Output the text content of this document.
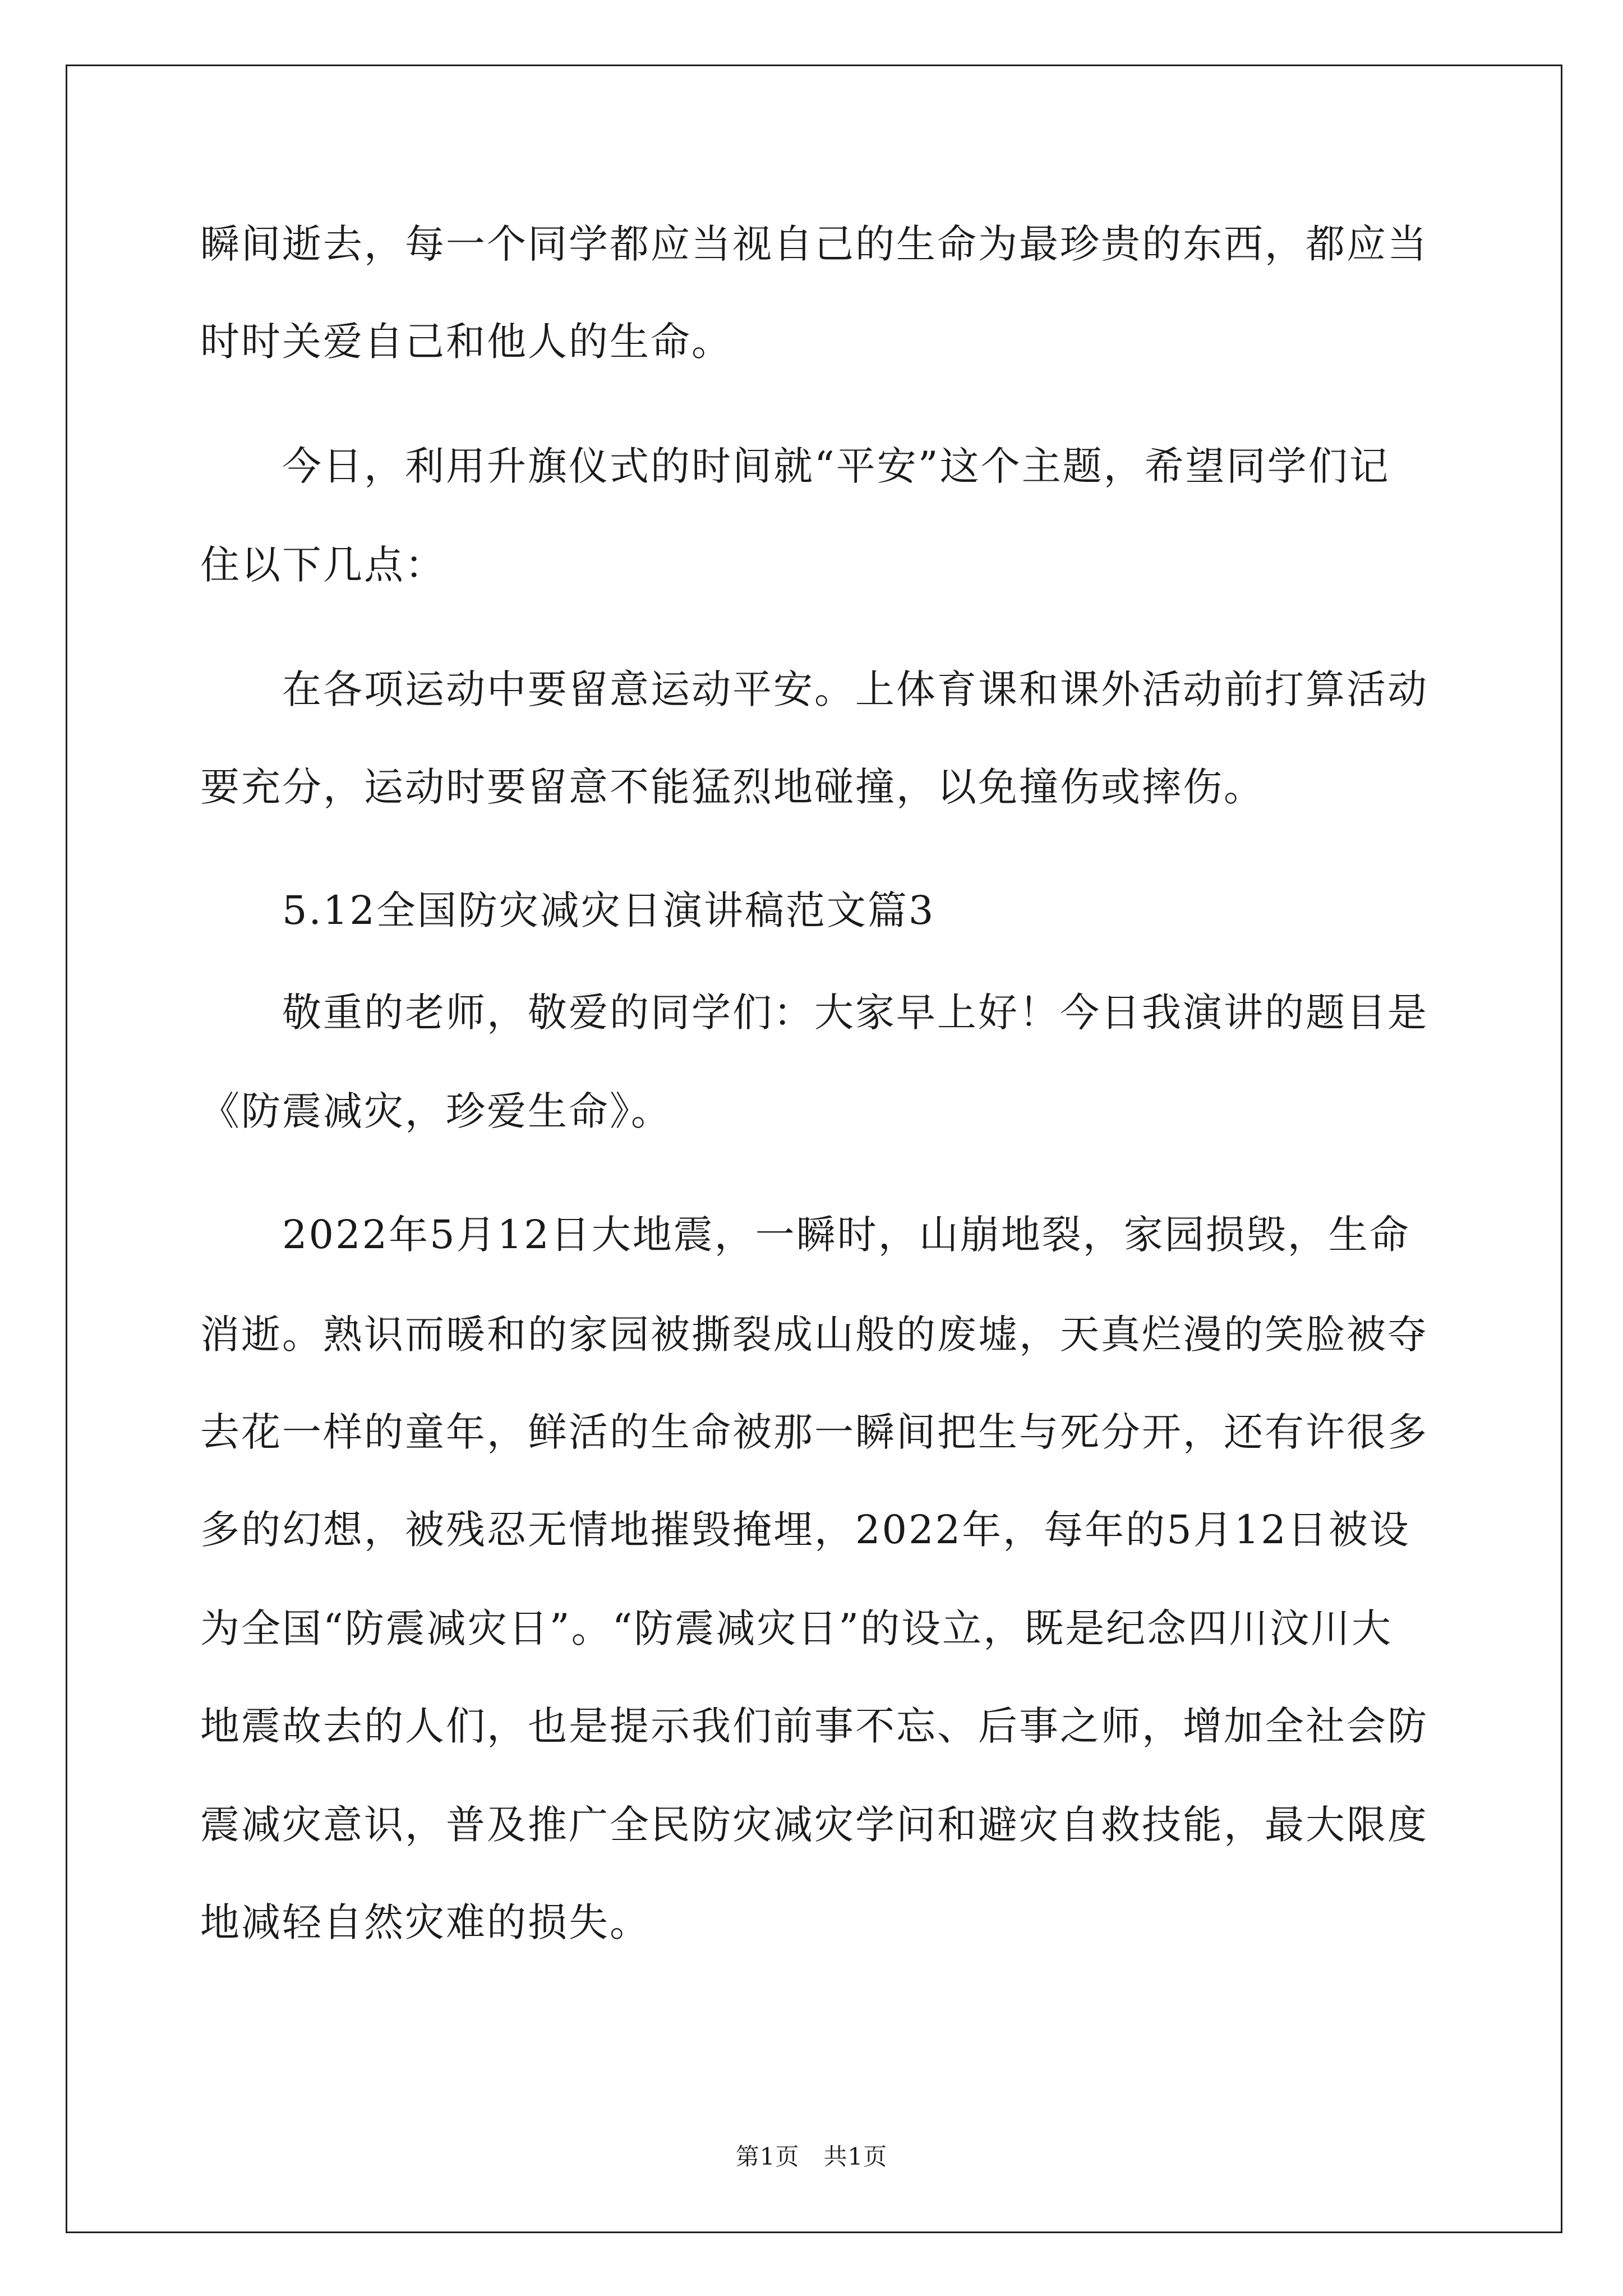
瞬间逝去，每一个同学都应当视自己的生命为最珍贵的东西，都应当
时时关爱自己和他人的生命。
今日，利用升旗仪式的时间就“平安”这个主题，希望同学们记
住以下几点：
在各项运动中要留意运动平安。上体育课和课外活动前打算活动
要充分，运动时要留意不能猛烈地碰撞，以免撞伤或摔伤。
5.12全国防灾减灾日演讲稿范文篇3
敬重的老师，敬爱的同学们：大家早上好！今日我演讲的题目是
《防震减灾，珍爱生命》。
2022年5月12日大地震，一瞬时，山崩地裂，家园损毁，生命
消逝。熟识而暖和的家园被撕裂成山般的废墟，天真烂漫的笑脸被夺
去花一样的童年，鲜活的生命被那一瞬间把生与死分开，还有许很多
多的幻想，被残忍无情地摧毁掩埋，2022年，每年的5月12日被设
为全国“防震减灾日”。“防震减灾日”的设立，既是纪念四川汶川大
地震故去的人们，也是提示我们前事不忘、后事之师，增加全社会防
震减灾意识，普及推广全民防灾减灾学问和避灾自救技能，最大限度
地减轻自然灾难的损失。
第1页　共1页
